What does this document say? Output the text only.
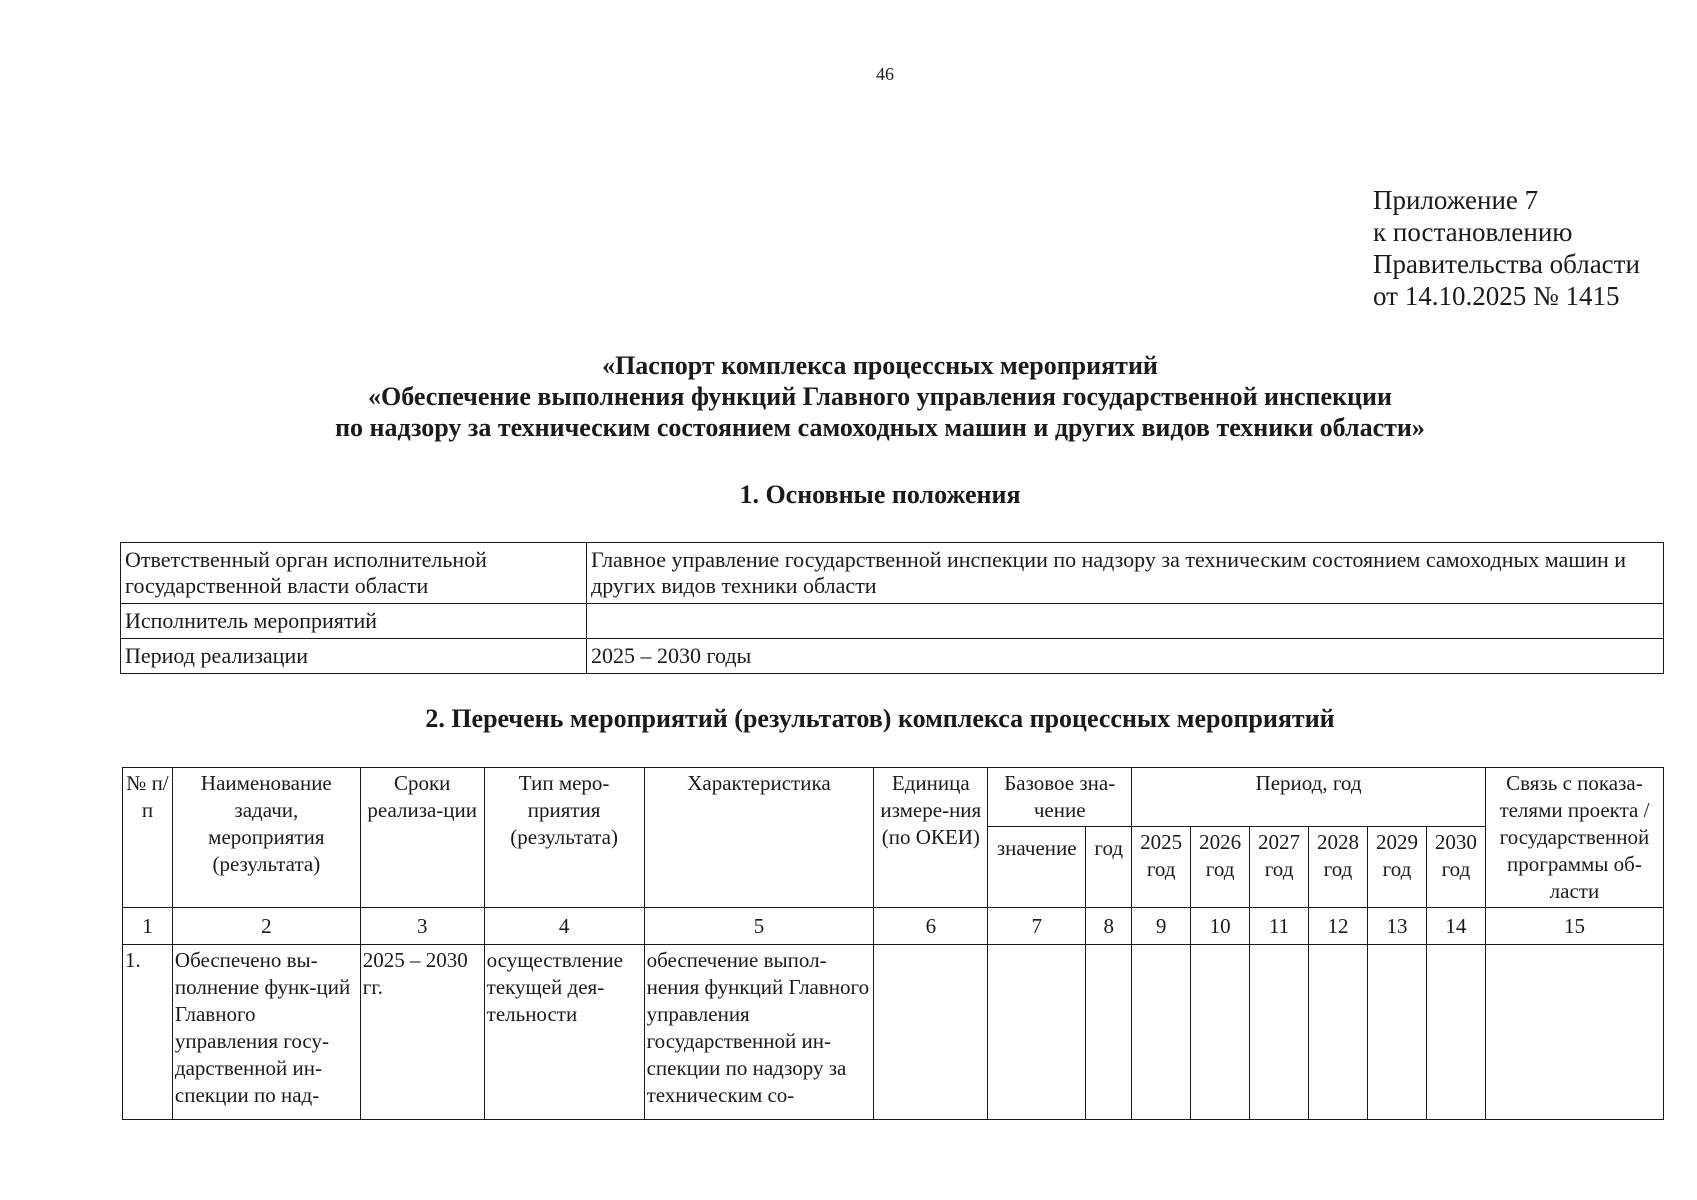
46
Приложение 7
к постановлению
Правительства области
от 14.10.2025 № 1415
«Паспорт комплекса процессных мероприятий
«Обеспечение выполнения функций Главного управления государственной инспекции
по надзору за техническим состоянием самоходных машин и других видов техники области»
1. Основные положения
Ответственный орган исполнительной государственной власти области	Главное управление государственной инспекции по надзору за техническим состоянием самоходных машин и других видов техники области
Исполнитель мероприятий	
Период реализации	2025 – 2030 годы
2. Перечень мероприятий (результатов) комплекса процессных мероприятий
№ п/п	Наименование задачи, мероприятия (результата)	Сроки реализа-ции	Тип меро-приятия (результата)	Характеристика	Единица измере-ния (по ОКЕИ)	Базовое зна-чение		Период, год						Связь с показа-телями проекта / государственной программы об-ласти
						значение	год	2025 год	2026 год	2027 год	2028 год	2029 год	2030 год	
1	2	3	4	5	6	7	8	9	10	11	12	13	14	15
1.	Обеспечено вы-полнение функ-ций Главного управления госу-дарственной ин-спекции по над-	2025 – 2030 гг.	осуществление текущей дея-тельности	обеспечение выпол-нения функций Главного управления государственной ин-спекции по надзору за техническим со-										
